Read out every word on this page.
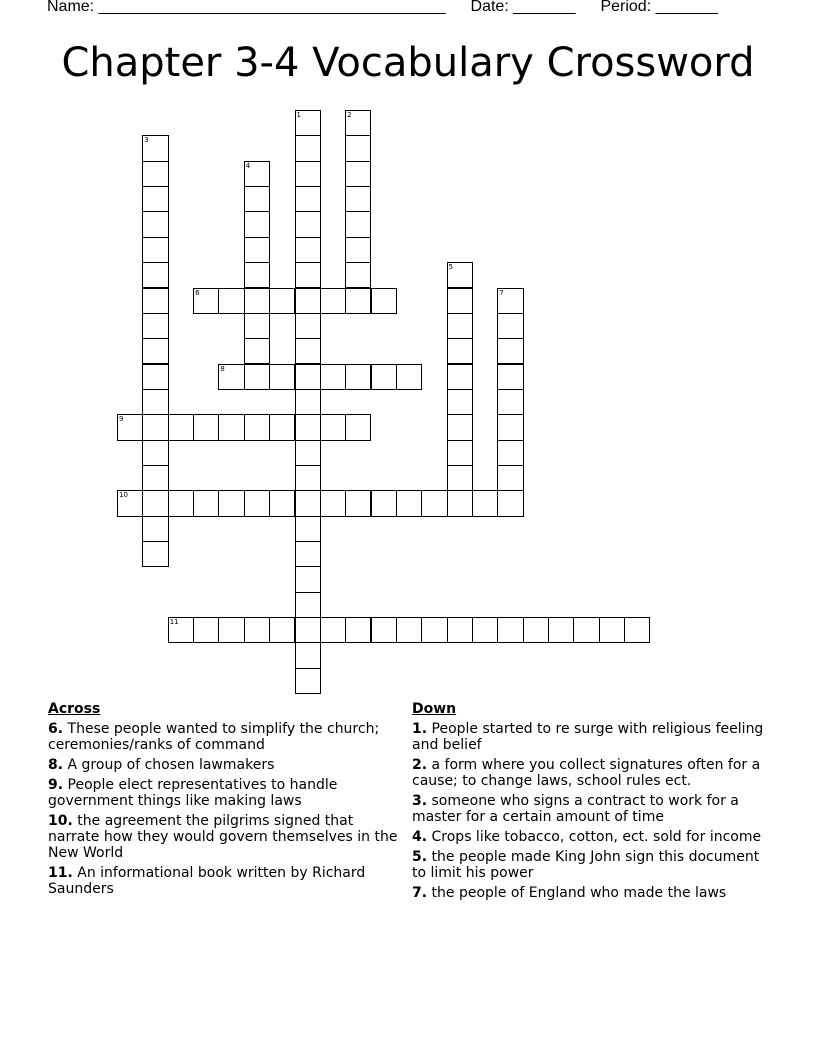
Name: _______________________________________ Date: _______ Period: _______
Chapter 3-4 Vocabulary Crossword
1	2
3
4
5
6	7
8
9
10
11
Across
6. These people wanted to simplify the church; ceremonies/ranks of command
8. A group of chosen lawmakers
9. People elect representatives to handle government things like making laws
10. the agreement the pilgrims signed that narrate how they would govern themselves in the New World
11. An informational book written by Richard Saunders
Down
1. People started to re surge with religious feeling and belief
2. a form where you collect signatures often for a cause; to change laws, school rules ect.
3. someone who signs a contract to work for a master for a certain amount of time
4. Crops like tobacco, cotton, ect. sold for income
5. the people made King John sign this document to limit his power
7. the people of England who made the laws
